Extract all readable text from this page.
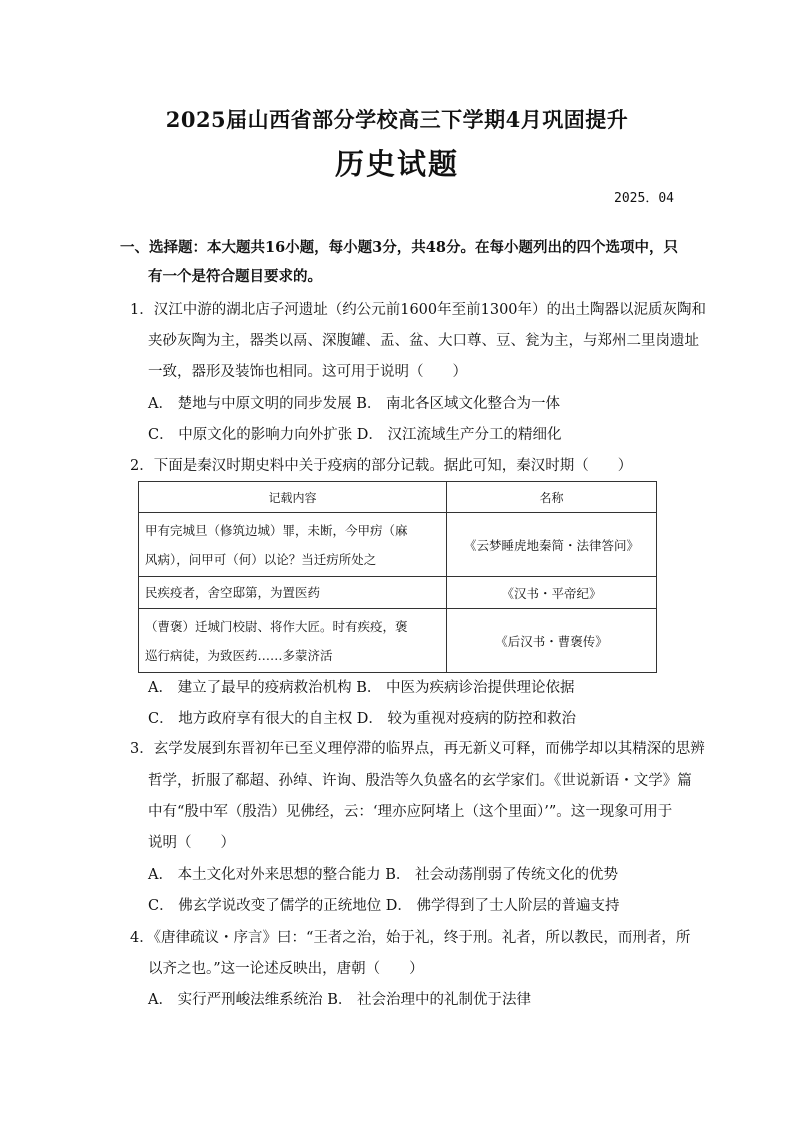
2025届山西省部分学校高三下学期4月巩固提升
历史试题
2025．04
一、选择题：本大题共16小题，每小题3分，共48分。在每小题列出的四个选项中，只
有一个是符合题目要求的。
1．汉江中游的湖北店子河遗址（约公元前1600年至前1300年）的出土陶器以泥质灰陶和
夹砂灰陶为主，器类以鬲、深腹罐、盂、盆、大口尊、豆、瓮为主，与郑州二里岗遗址
一致，器形及装饰也相同。这可用于说明（　　）
A． 楚地与中原文明的同步发展 B． 南北各区域文化整合为一体
C． 中原文化的影响力向外扩张 D． 汉江流域生产分工的精细化
2．下面是秦汉时期史料中关于疫病的部分记载。据此可知，秦汉时期（　　）
记载内容	名称

甲有完城旦（修筑边城）罪，未断，今甲疠（麻
风病），问甲可（何）以论？当迁疠所处之	《云梦睡虎地秦简・法律答问》

民疾疫者，舍空邸第，为置医药	《汉书・平帝纪》

（曹褒）迁城门校尉、将作大匠。时有疾疫，褒
巡行病徒，为致医药……多蒙济活	《后汉书・曹褒传》
A． 建立了最早的疫病救治机构 B． 中医为疾病诊治提供理论依据
C． 地方政府享有很大的自主权 D． 较为重视对疫病的防控和救治
3．玄学发展到东晋初年已至义理停滞的临界点，再无新义可释，而佛学却以其精深的思辨
哲学，折服了郗超、孙绰、许询、殷浩等久负盛名的玄学家们。《世说新语・文学》篇
中有“殷中军（殷浩）见佛经，云：‘理亦应阿堵上（这个里面）’”。这一现象可用于
说明（　　）
A． 本土文化对外来思想的整合能力 B． 社会动荡削弱了传统文化的优势
C． 佛玄学说改变了儒学的正统地位 D． 佛学得到了士人阶层的普遍支持
4．《唐律疏议・序言》曰：“王者之治，始于礼，终于刑。礼者，所以教民，而刑者，所
以齐之也。”这一论述反映出，唐朝（　　）
A． 实行严刑峻法维系统治 B． 社会治理中的礼制优于法律
